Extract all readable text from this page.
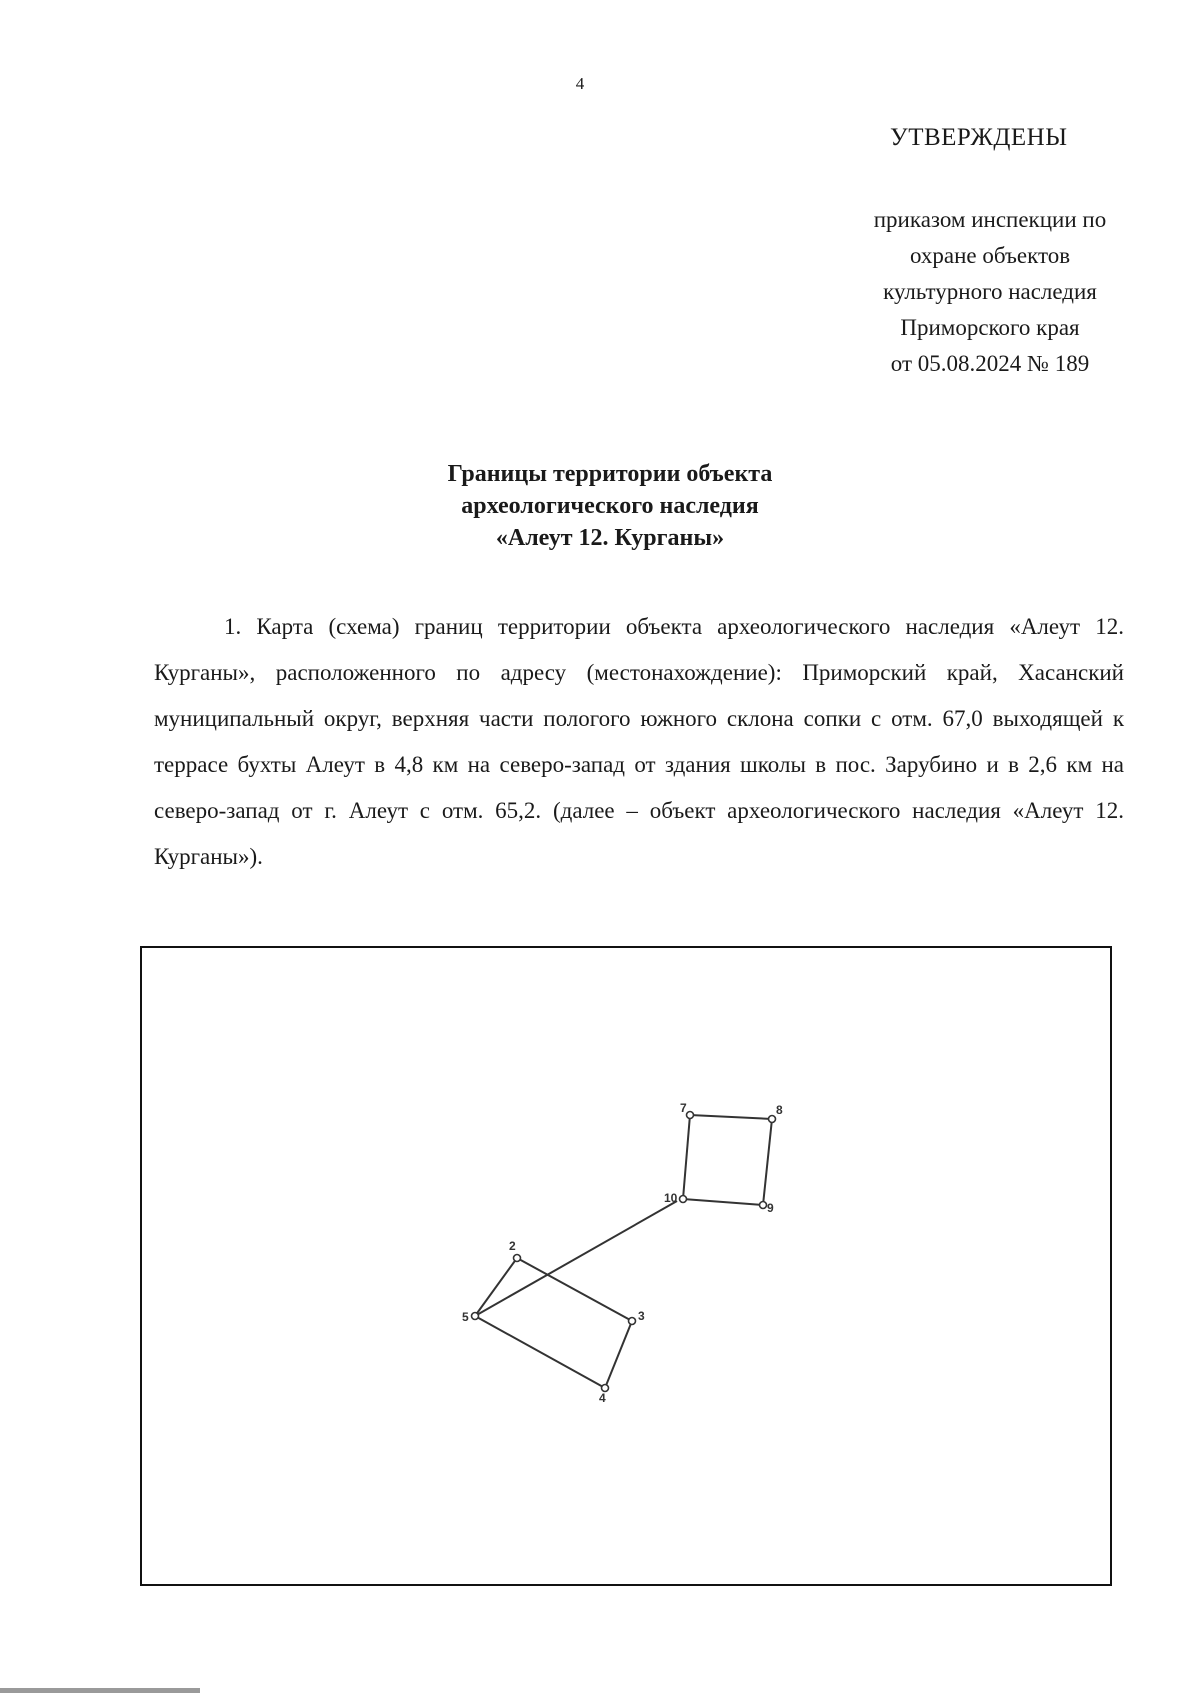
4
УТВЕРЖДЕНЫ
приказом инспекции по
охране объектов
культурного наследия
Приморского края
от 05.08.2024 № 189
Границы территории объекта
археологического наследия
«Алеут 12. Курганы»

1. Карта (схема) границ территории объекта археологического наследия «Алеут 12. Курганы», расположенного по адресу (местонахождение): Приморский край, Хасанский муниципальный округ, верхняя части пологого южного склона сопки с отм. 67,0 выходящей к террасе бухты Алеут в 4,8 км на северо-запад от здания школы в пос. Зарубино и в 2,6 км на северо-запад от г. Алеут с отм. 65,2. (далее – объект археологического наследия «Алеут 12. Курганы»).

2
3
4
5
7	8
9
10
